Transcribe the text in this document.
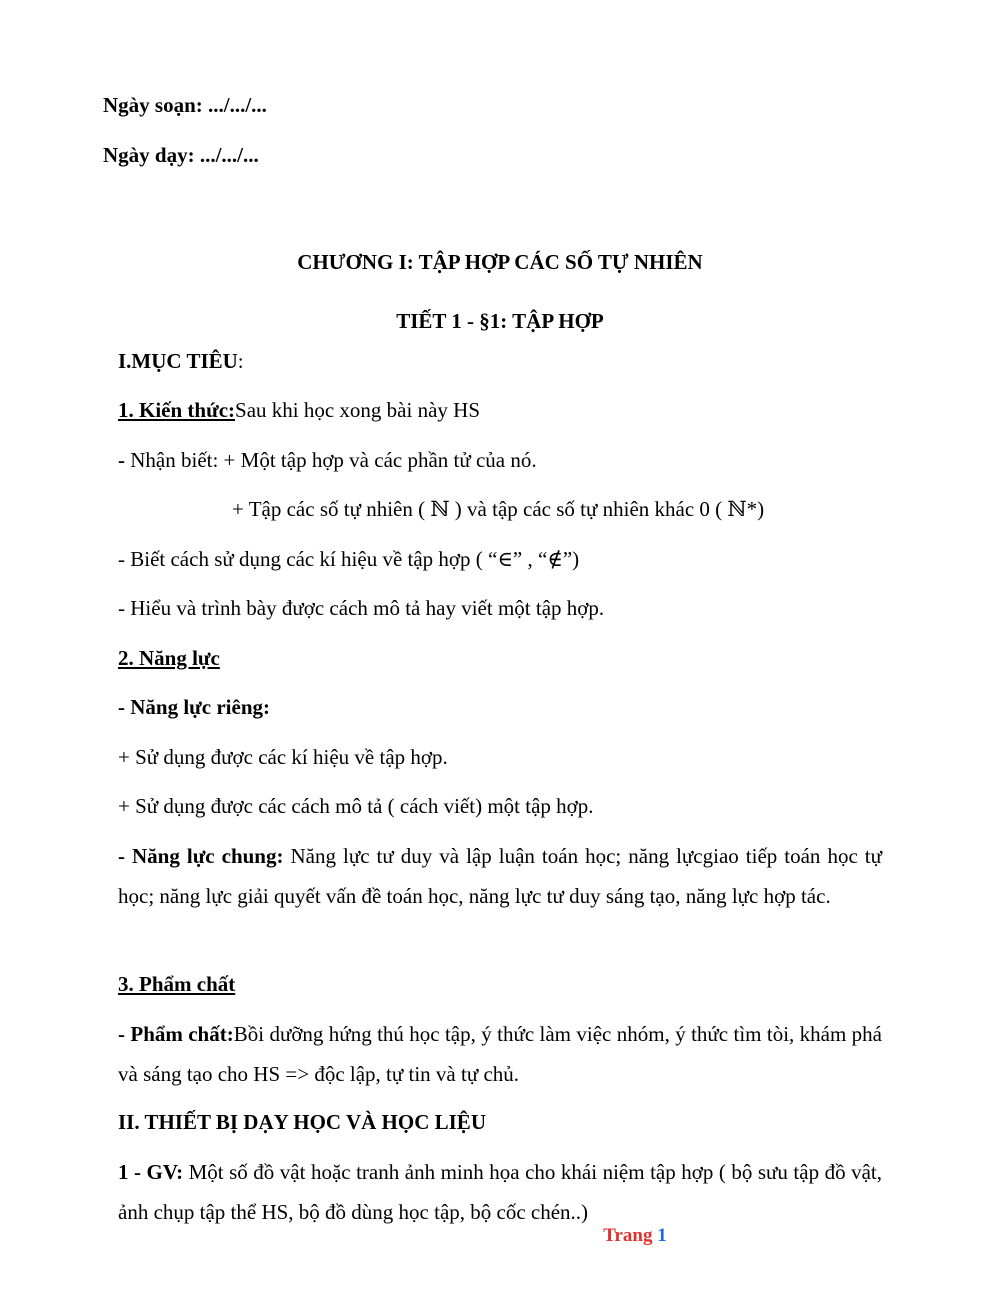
Ngày soạn: .../.../...
Ngày dạy: .../.../...
CHƯƠNG I: TẬP HỢP CÁC SỐ TỰ NHIÊN
TIẾT 1 - §1: TẬP HỢP
I.MỤC TIÊU:
1. Kiến thức:Sau khi học xong bài này HS
- Nhận biết: + Một tập hợp và các phần tử của nó.
+ Tập các số tự nhiên ( ℕ ) và tập các số tự nhiên khác 0 ( ℕ*)
- Biết cách sử dụng các kí hiệu về tập hợp ( “∈” , “∉”)
- Hiểu và trình bày được cách mô tả hay viết một tập hợp.
2. Năng lực
- Năng lực riêng:
+ Sử dụng được các kí hiệu về tập hợp.
+ Sử dụng được các cách mô tả ( cách viết) một tập hợp.
- Năng lực chung: Năng lực tư duy và lập luận toán học; năng lựcgiao tiếp toán học tự học; năng lực giải quyết vấn đề toán học, năng lực tư duy sáng tạo, năng lực hợp tác.
3. Phẩm chất
- Phẩm chất:Bồi dưỡng hứng thú học tập, ý thức làm việc nhóm, ý thức tìm tòi, khám phá và sáng tạo cho HS => độc lập, tự tin và tự chủ.
II. THIẾT BỊ DẠY HỌC VÀ HỌC LIỆU
1 - GV: Một số đồ vật hoặc tranh ảnh minh họa cho khái niệm tập hợp ( bộ sưu tập đồ vật, ảnh chụp tập thể HS, bộ đồ dùng học tập, bộ cốc chén..)
Trang 1
